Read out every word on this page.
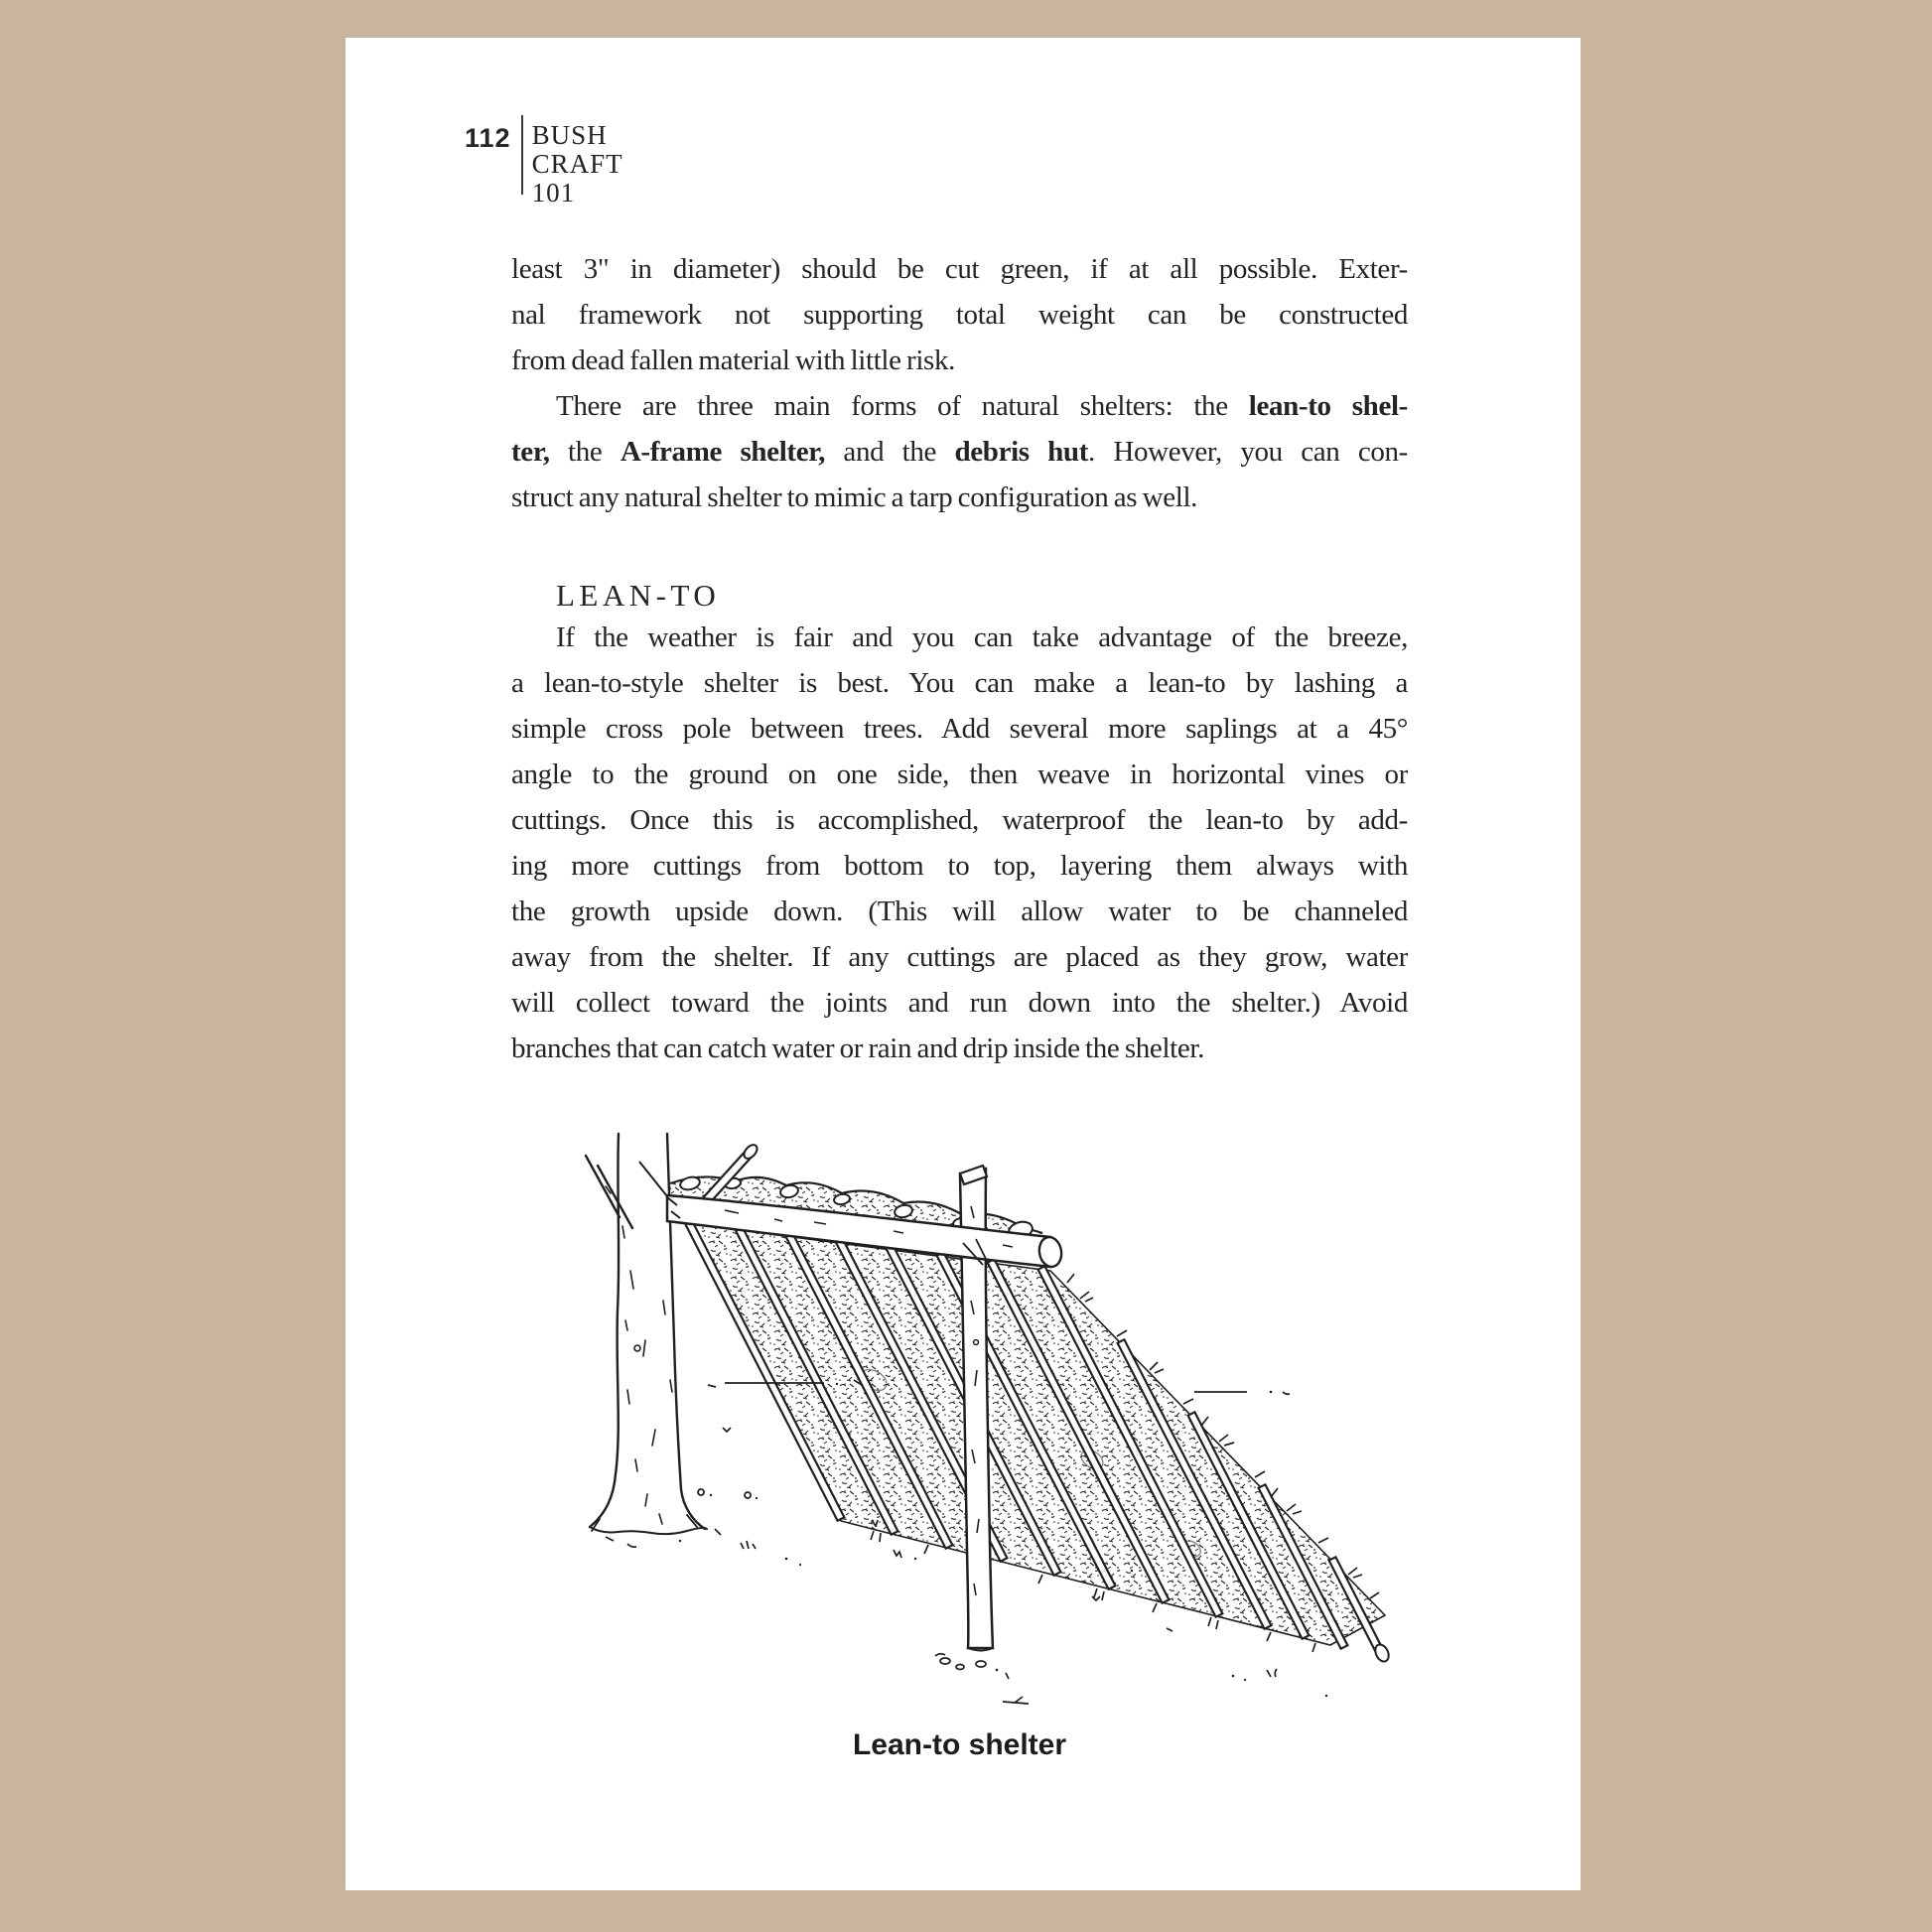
112 BUSH
CRAFT
101
least 3" in diameter) should be cut green, if at all possible. Exter-
nal framework not supporting total weight can be constructed
from dead fallen material with little risk.
There are three main forms of natural shelters: the lean-to shel-
ter, the A-frame shelter, and the debris hut. However, you can con-
struct any natural shelter to mimic a tarp configuration as well.
LEAN-TO
If the weather is fair and you can take advantage of the breeze,
a lean-to-style shelter is best. You can make a lean-to by lashing a
simple cross pole between trees. Add several more saplings at a 45°
angle to the ground on one side, then weave in horizontal vines or
cuttings. Once this is accomplished, waterproof the lean-to by add-
ing more cuttings from bottom to top, layering them always with
the growth upside down. (This will allow water to be channeled
away from the shelter. If any cuttings are placed as they grow, water
will collect toward the joints and run down into the shelter.) Avoid
branches that can catch water or rain and drip inside the shelter.
Lean-to shelter
